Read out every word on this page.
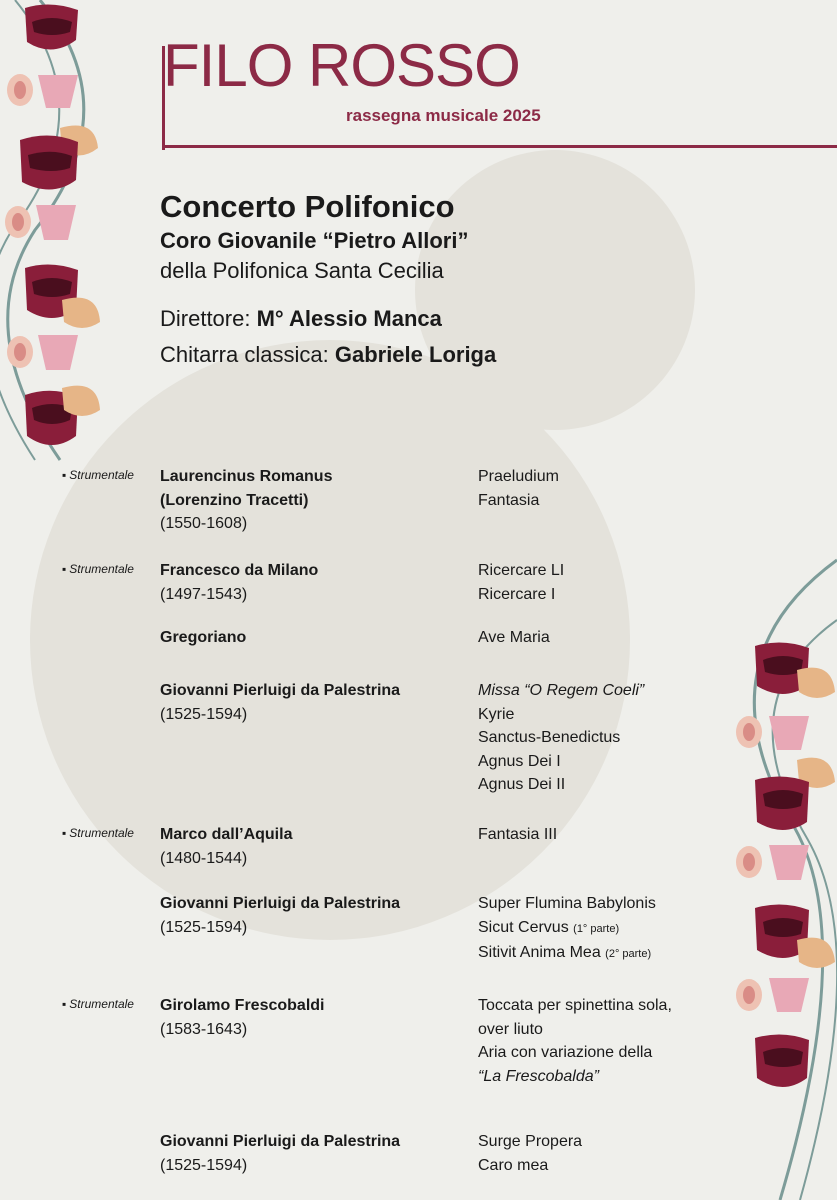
FILO ROSSO
rassegna musicale 2025
Concerto Polifonico
Coro Giovanile “Pietro Allori”
della Polifonica Santa Cecilia
Direttore: M° Alessio Manca
Chitarra classica: Gabriele Loriga
▪ Strumentale Laurencinus Romanus
(Lorenzino Tracetti)
(1550-1608)
Praeludium
Fantasia
▪ Strumentale Francesco da Milano
(1497-1543)
Ricercare LI
Ricercare I
Gregoriano	Ave Maria
Giovanni Pierluigi da Palestrina
(1525-1594)
Missa “O Regem Coeli”
Kyrie
Sanctus-Benedictus
Agnus Dei I
Agnus Dei II
▪ Strumentale Marco dall’Aquila
(1480-1544)
Fantasia III
Giovanni Pierluigi da Palestrina
(1525-1594)
Super Flumina Babylonis
Sicut Cervus (1° parte)
Sitivit Anima Mea (2° parte)
▪ Strumentale Girolamo Frescobaldi
(1583-1643)
Toccata per spinettina sola,
over liuto
Aria con variazione della
“La Frescobalda”
Giovanni Pierluigi da Palestrina
(1525-1594)
Surge Propera
Caro mea
